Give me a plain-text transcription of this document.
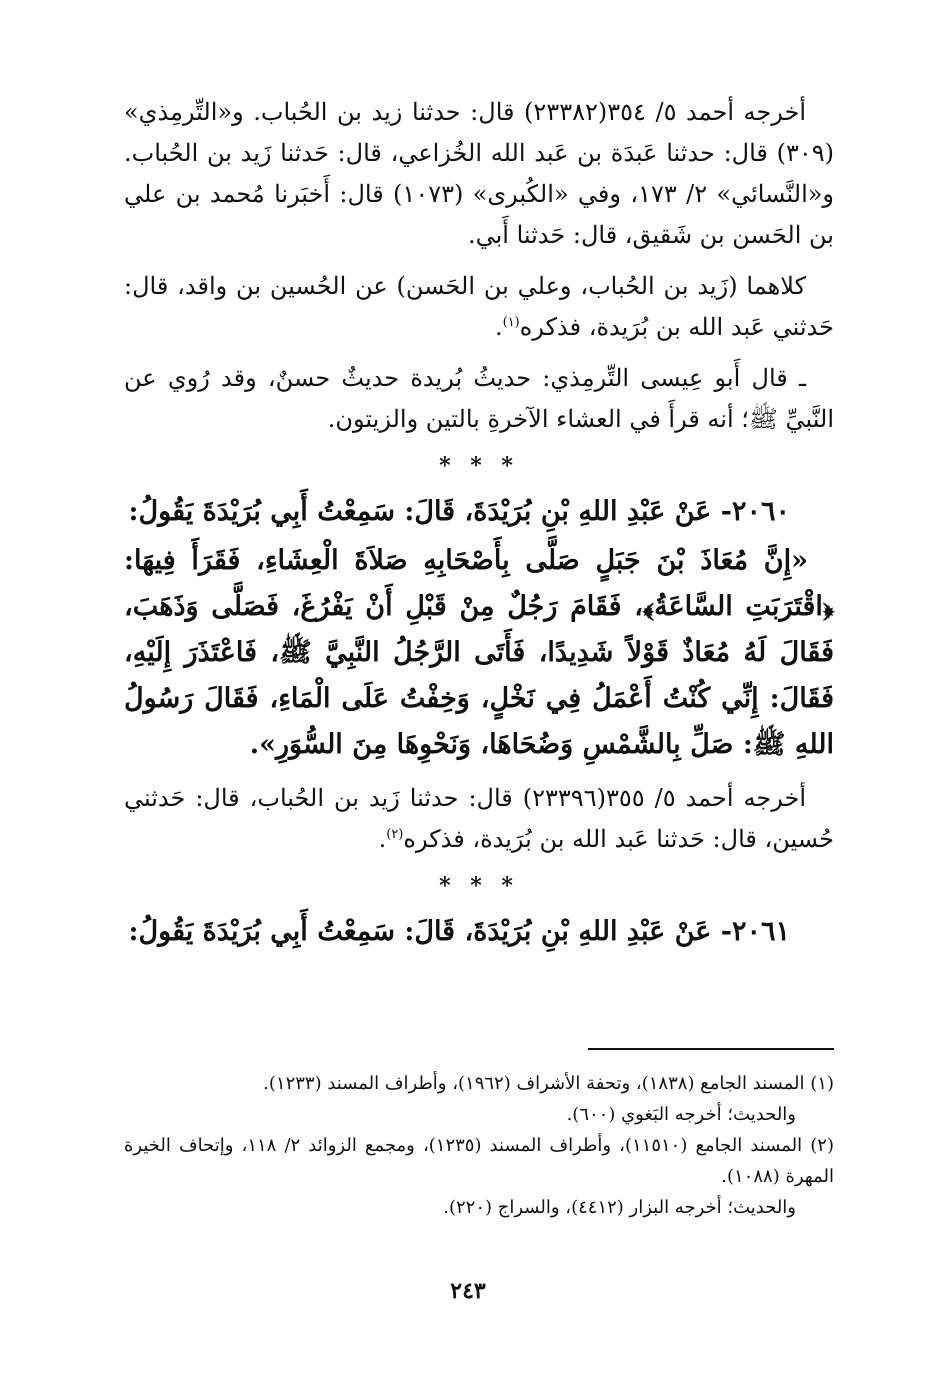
أخرجه أحمد ٥/ ٣٥٤(٢٣٣٨٢) قال: حدثنا زيد بن الحُباب. و«التِّرمِذي» (٣٠٩) قال: حدثنا عَبدَة بن عَبد الله الخُزاعي، قال: حَدثنا زَيد بن الحُباب. و«النَّسائي» ٢/ ١٧٣، وفي «الكُبرى» (١٠٧٣) قال: أَخبَرنا مُحمد بن علي بن الحَسن بن شَقيق، قال: حَدثنا أَبي.

كلاهما (زَيد بن الحُباب، وعلي بن الحَسن) عن الحُسين بن واقد، قال: حَدثني عَبد الله بن بُرَيدة، فذكره$^{(١)}$.

ـ قال أَبو عِيسى التِّرمِذي: حديثُ بُريدة حديثٌ حسنٌ، وقد رُوي عن النَّبيِّ ﷺ؛ أنه قرأَ في العشاء الآخرةِ بالتين والزيتون.

* * *

٢٠٦٠- عَنْ عَبْدِ اللهِ بْنِ بُرَيْدَةَ، قَالَ: سَمِعْتُ أَبِي بُرَيْدَةَ يَقُولُ:

«إِنَّ مُعَاذَ بْنَ جَبَلٍ صَلَّى بِأَصْحَابِهِ صَلاَةَ الْعِشَاءِ، فَقَرَأَ فِيهَا: ﴿اقْتَرَبَتِ السَّاعَةُ﴾، فَقَامَ رَجُلٌ مِنْ قَبْلِ أَنْ يَفْرُغَ، فَصَلَّى وَذَهَبَ، فَقَالَ لَهُ مُعَاذٌ قَوْلاً شَدِيدًا، فَأَتَى الرَّجُلُ النَّبِيَّ ﷺ، فَاعْتَذَرَ إِلَيْهِ، فَقَالَ: إِنِّي كُنْتُ أَعْمَلُ فِي نَخْلٍ، وَخِفْتُ عَلَى الْمَاءِ، فَقَالَ رَسُولُ اللهِ ﷺ: صَلِّ بِالشَّمْسِ وَضُحَاهَا، وَنَحْوِهَا مِنَ السُّوَرِ».

أخرجه أحمد ٥/ ٣٥٥(٢٣٣٩٦) قال: حدثنا زَيد بن الحُباب، قال: حَدثني حُسين، قال: حَدثنا عَبد الله بن بُرَيدة، فذكره$^{(٢)}$.

* * *

٢٠٦١- عَنْ عَبْدِ اللهِ بْنِ بُرَيْدَةَ، قَالَ: سَمِعْتُ أَبِي بُرَيْدَةَ يَقُولُ:

(١) المسند الجامع (١٨٣٨)، وتحفة الأشراف (١٩٦٢)، وأطراف المسند (١٢٣٣).

والحديث؛ أخرجه البَغوي (٦٠٠).

(٢) المسند الجامع (١١٥١٠)، وأطراف المسند (١٢٣٥)، ومجمع الزوائد ٢/ ١١٨، وإتحاف الخيرة المهرة (١٠٨٨).

والحديث؛ أخرجه البزار (٤٤١٢)، والسراج (٢٢٠).

٢٤٣
